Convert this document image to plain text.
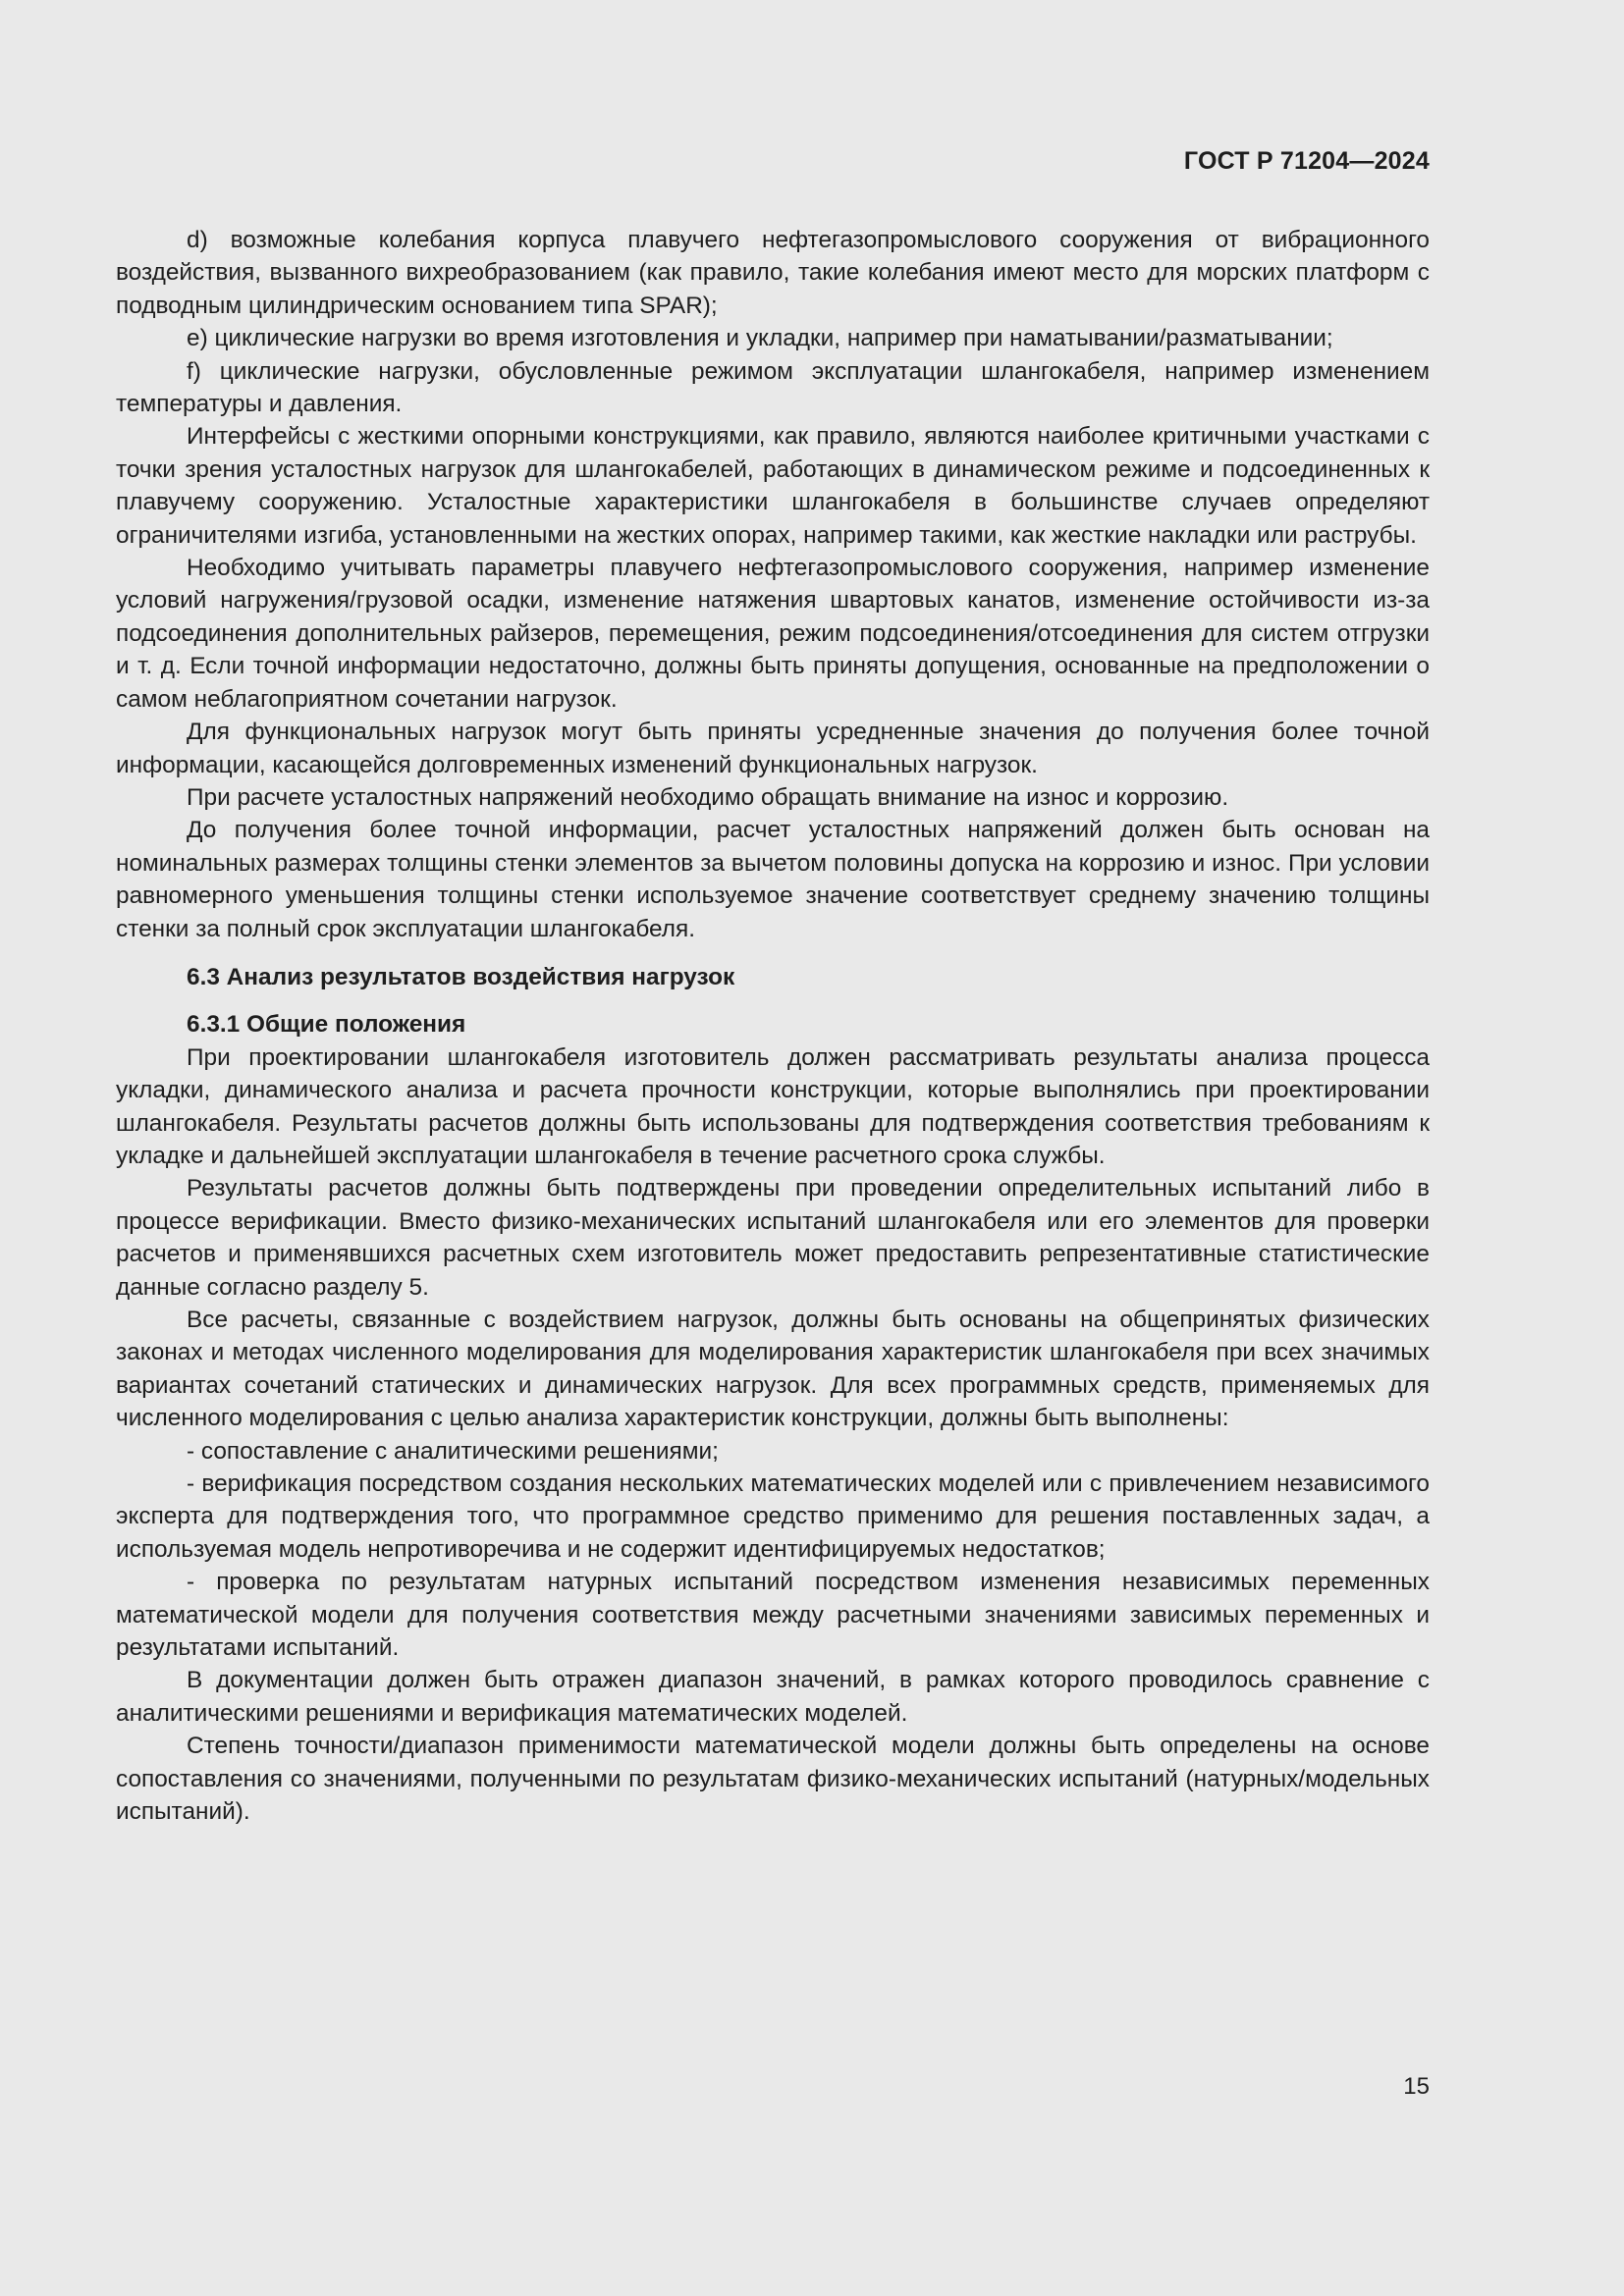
ГОСТ Р 71204—2024

d) возможные колебания корпуса плавучего нефтегазопромыслового сооружения от вибрационного воздействия, вызванного вихреобразованием (как правило, такие колебания имеют место для морских платформ с подводным цилиндрическим основанием типа SPAR);

e) циклические нагрузки во время изготовления и укладки, например при наматывании/разматывании;

f) циклические нагрузки, обусловленные режимом эксплуатации шлангокабеля, например изменением температуры и давления.

Интерфейсы с жесткими опорными конструкциями, как правило, являются наиболее критичными участками с точки зрения усталостных нагрузок для шлангокабелей, работающих в динамическом режиме и подсоединенных к плавучему сооружению. Усталостные характеристики шлангокабеля в большинстве случаев определяют ограничителями изгиба, установленными на жестких опорах, например такими, как жесткие накладки или раструбы.

Необходимо учитывать параметры плавучего нефтегазопромыслового сооружения, например изменение условий нагружения/грузовой осадки, изменение натяжения швартовых канатов, изменение остойчивости из-за подсоединения дополнительных райзеров, перемещения, режим подсоединения/отсоединения для систем отгрузки и т. д. Если точной информации недостаточно, должны быть приняты допущения, основанные на предположении о самом неблагоприятном сочетании нагрузок.

Для функциональных нагрузок могут быть приняты усредненные значения до получения более точной информации, касающейся долговременных изменений функциональных нагрузок.

При расчете усталостных напряжений необходимо обращать внимание на износ и коррозию.

До получения более точной информации, расчет усталостных напряжений должен быть основан на номинальных размерах толщины стенки элементов за вычетом половины допуска на коррозию и износ. При условии равномерного уменьшения толщины стенки используемое значение соответствует среднему значению толщины стенки за полный срок эксплуатации шлангокабеля.

6.3 Анализ результатов воздействия нагрузок
6.3.1 Общие положения

При проектировании шлангокабеля изготовитель должен рассматривать результаты анализа процесса укладки, динамического анализа и расчета прочности конструкции, которые выполнялись при проектировании шлангокабеля. Результаты расчетов должны быть использованы для подтверждения соответствия требованиям к укладке и дальнейшей эксплуатации шлангокабеля в течение расчетного срока службы.

Результаты расчетов должны быть подтверждены при проведении определительных испытаний либо в процессе верификации. Вместо физико-механических испытаний шлангокабеля или его элементов для проверки расчетов и применявшихся расчетных схем изготовитель может предоставить репрезентативные статистические данные согласно разделу 5.

Все расчеты, связанные с воздействием нагрузок, должны быть основаны на общепринятых физических законах и методах численного моделирования для моделирования характеристик шлангокабеля при всех значимых вариантах сочетаний статических и динамических нагрузок. Для всех программных средств, применяемых для численного моделирования с целью анализа характеристик конструкции, должны быть выполнены:

- сопоставление с аналитическими решениями;

- верификация посредством создания нескольких математических моделей или с привлечением независимого эксперта для подтверждения того, что программное средство применимо для решения поставленных задач, а используемая модель непротиворечива и не содержит идентифицируемых недостатков;

- проверка по результатам натурных испытаний посредством изменения независимых переменных математической модели для получения соответствия между расчетными значениями зависимых переменных и результатами испытаний.

В документации должен быть отражен диапазон значений, в рамках которого проводилось сравнение с аналитическими решениями и верификация математических моделей.

Степень точности/диапазон применимости математической модели должны быть определены на основе сопоставления со значениями, полученными по результатам физико-механических испытаний (натурных/модельных испытаний).

15
